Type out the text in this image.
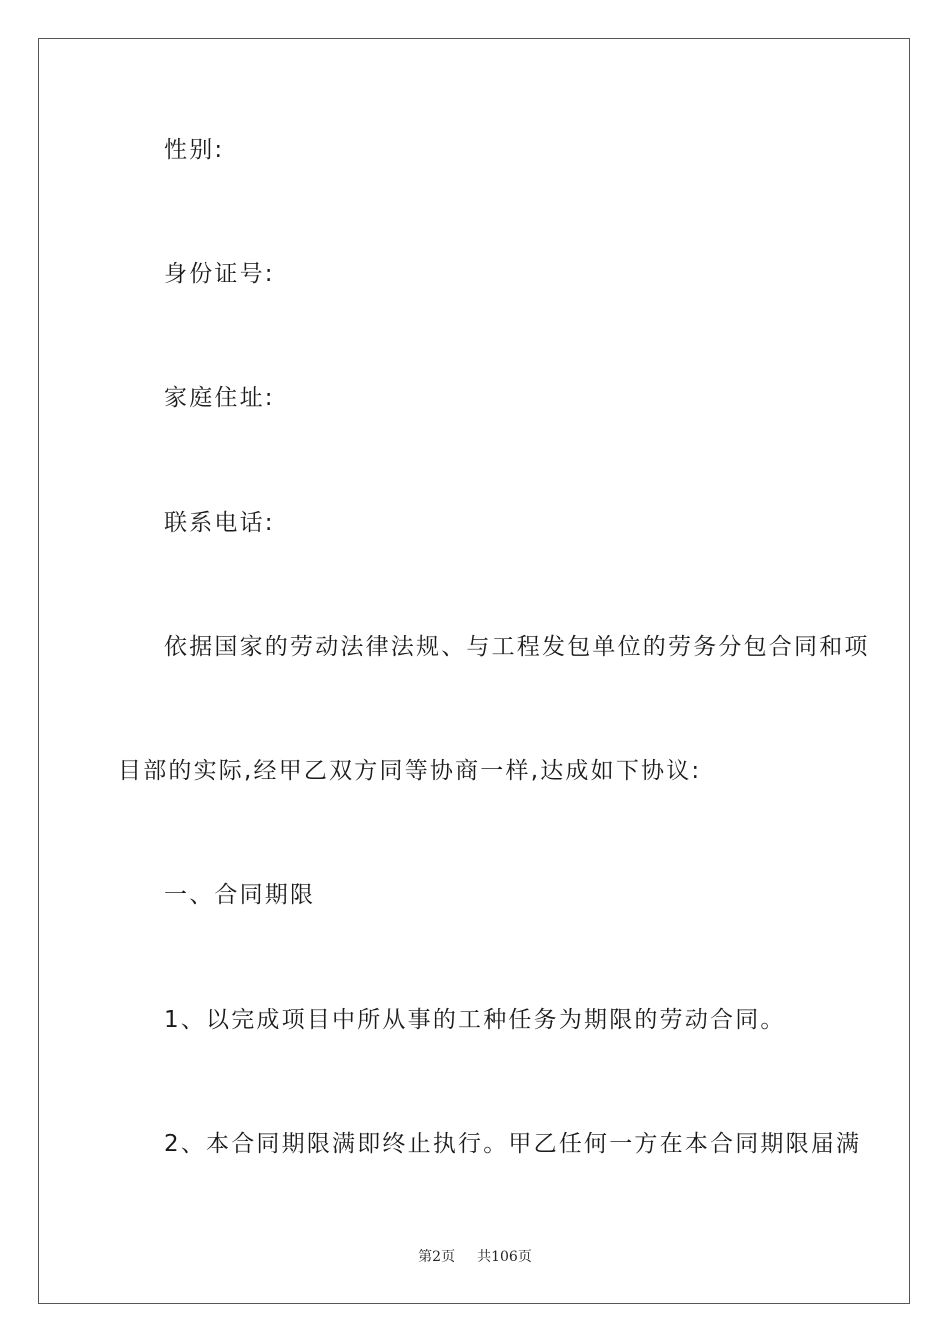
性别:
身份证号:
家庭住址:
联系电话:
依据国家的劳动法律法规、与工程发包单位的劳务分包合同和项
目部的实际,经甲乙双方同等协商一样,达成如下协议:
一、合同期限
1、以完成项目中所从事的工种任务为期限的劳动合同。
2、本合同期限满即终止执行。甲乙任何一方在本合同期限届满
第2页 共106页
